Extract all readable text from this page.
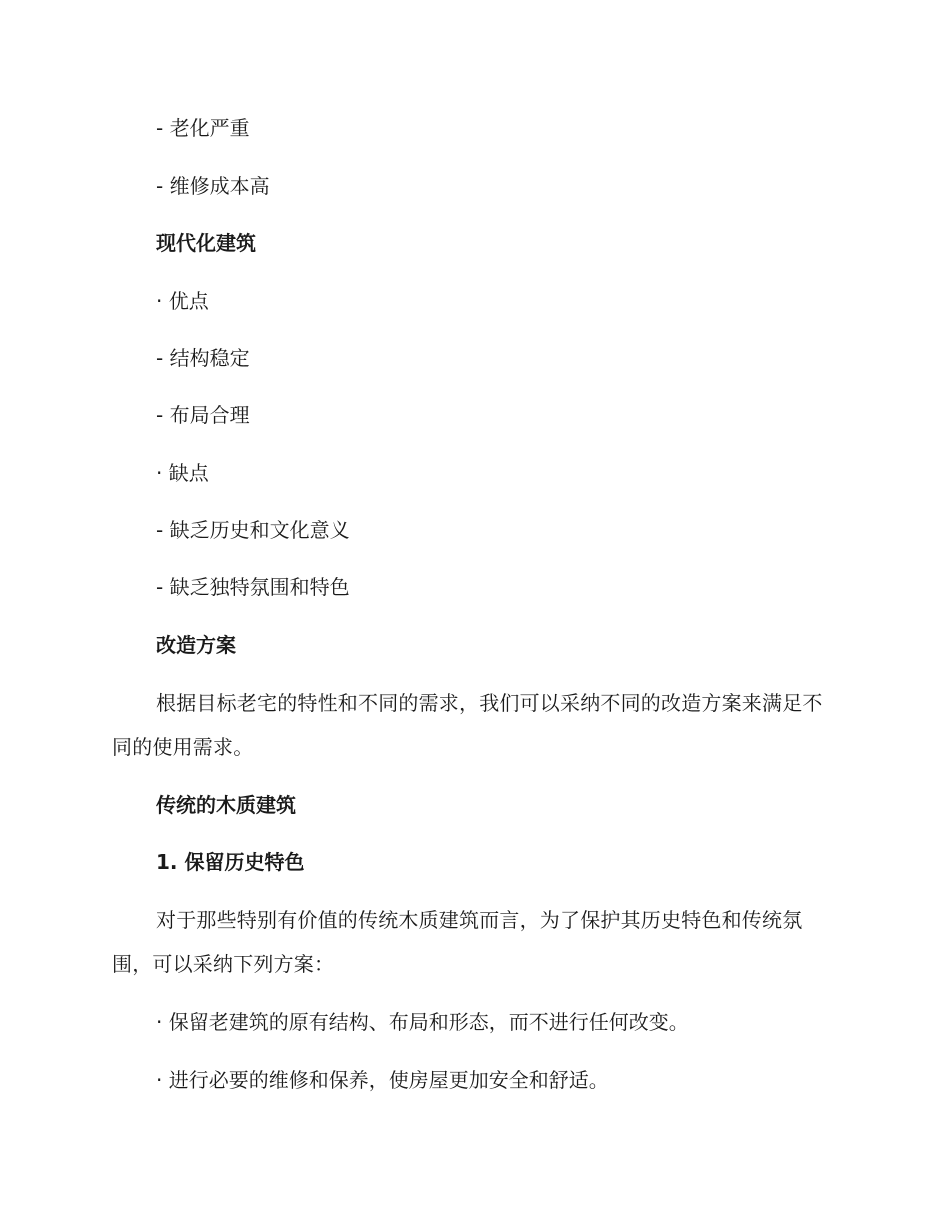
- 老化严重
- 维修成本高
现代化建筑
· 优点
- 结构稳定
- 布局合理
· 缺点
- 缺乏历史和文化意义
- 缺乏独特氛围和特色
改造方案
根据目标老宅的特性和不同的需求，我们可以采纳不同的改造方案来满足不同的使用需求。
传统的木质建筑
1. 保留历史特色
对于那些特别有价值的传统木质建筑而言，为了保护其历史特色和传统氛围，可以采纳下列方案：
· 保留老建筑的原有结构、布局和形态，而不进行任何改变。
· 进行必要的维修和保养，使房屋更加安全和舒适。
